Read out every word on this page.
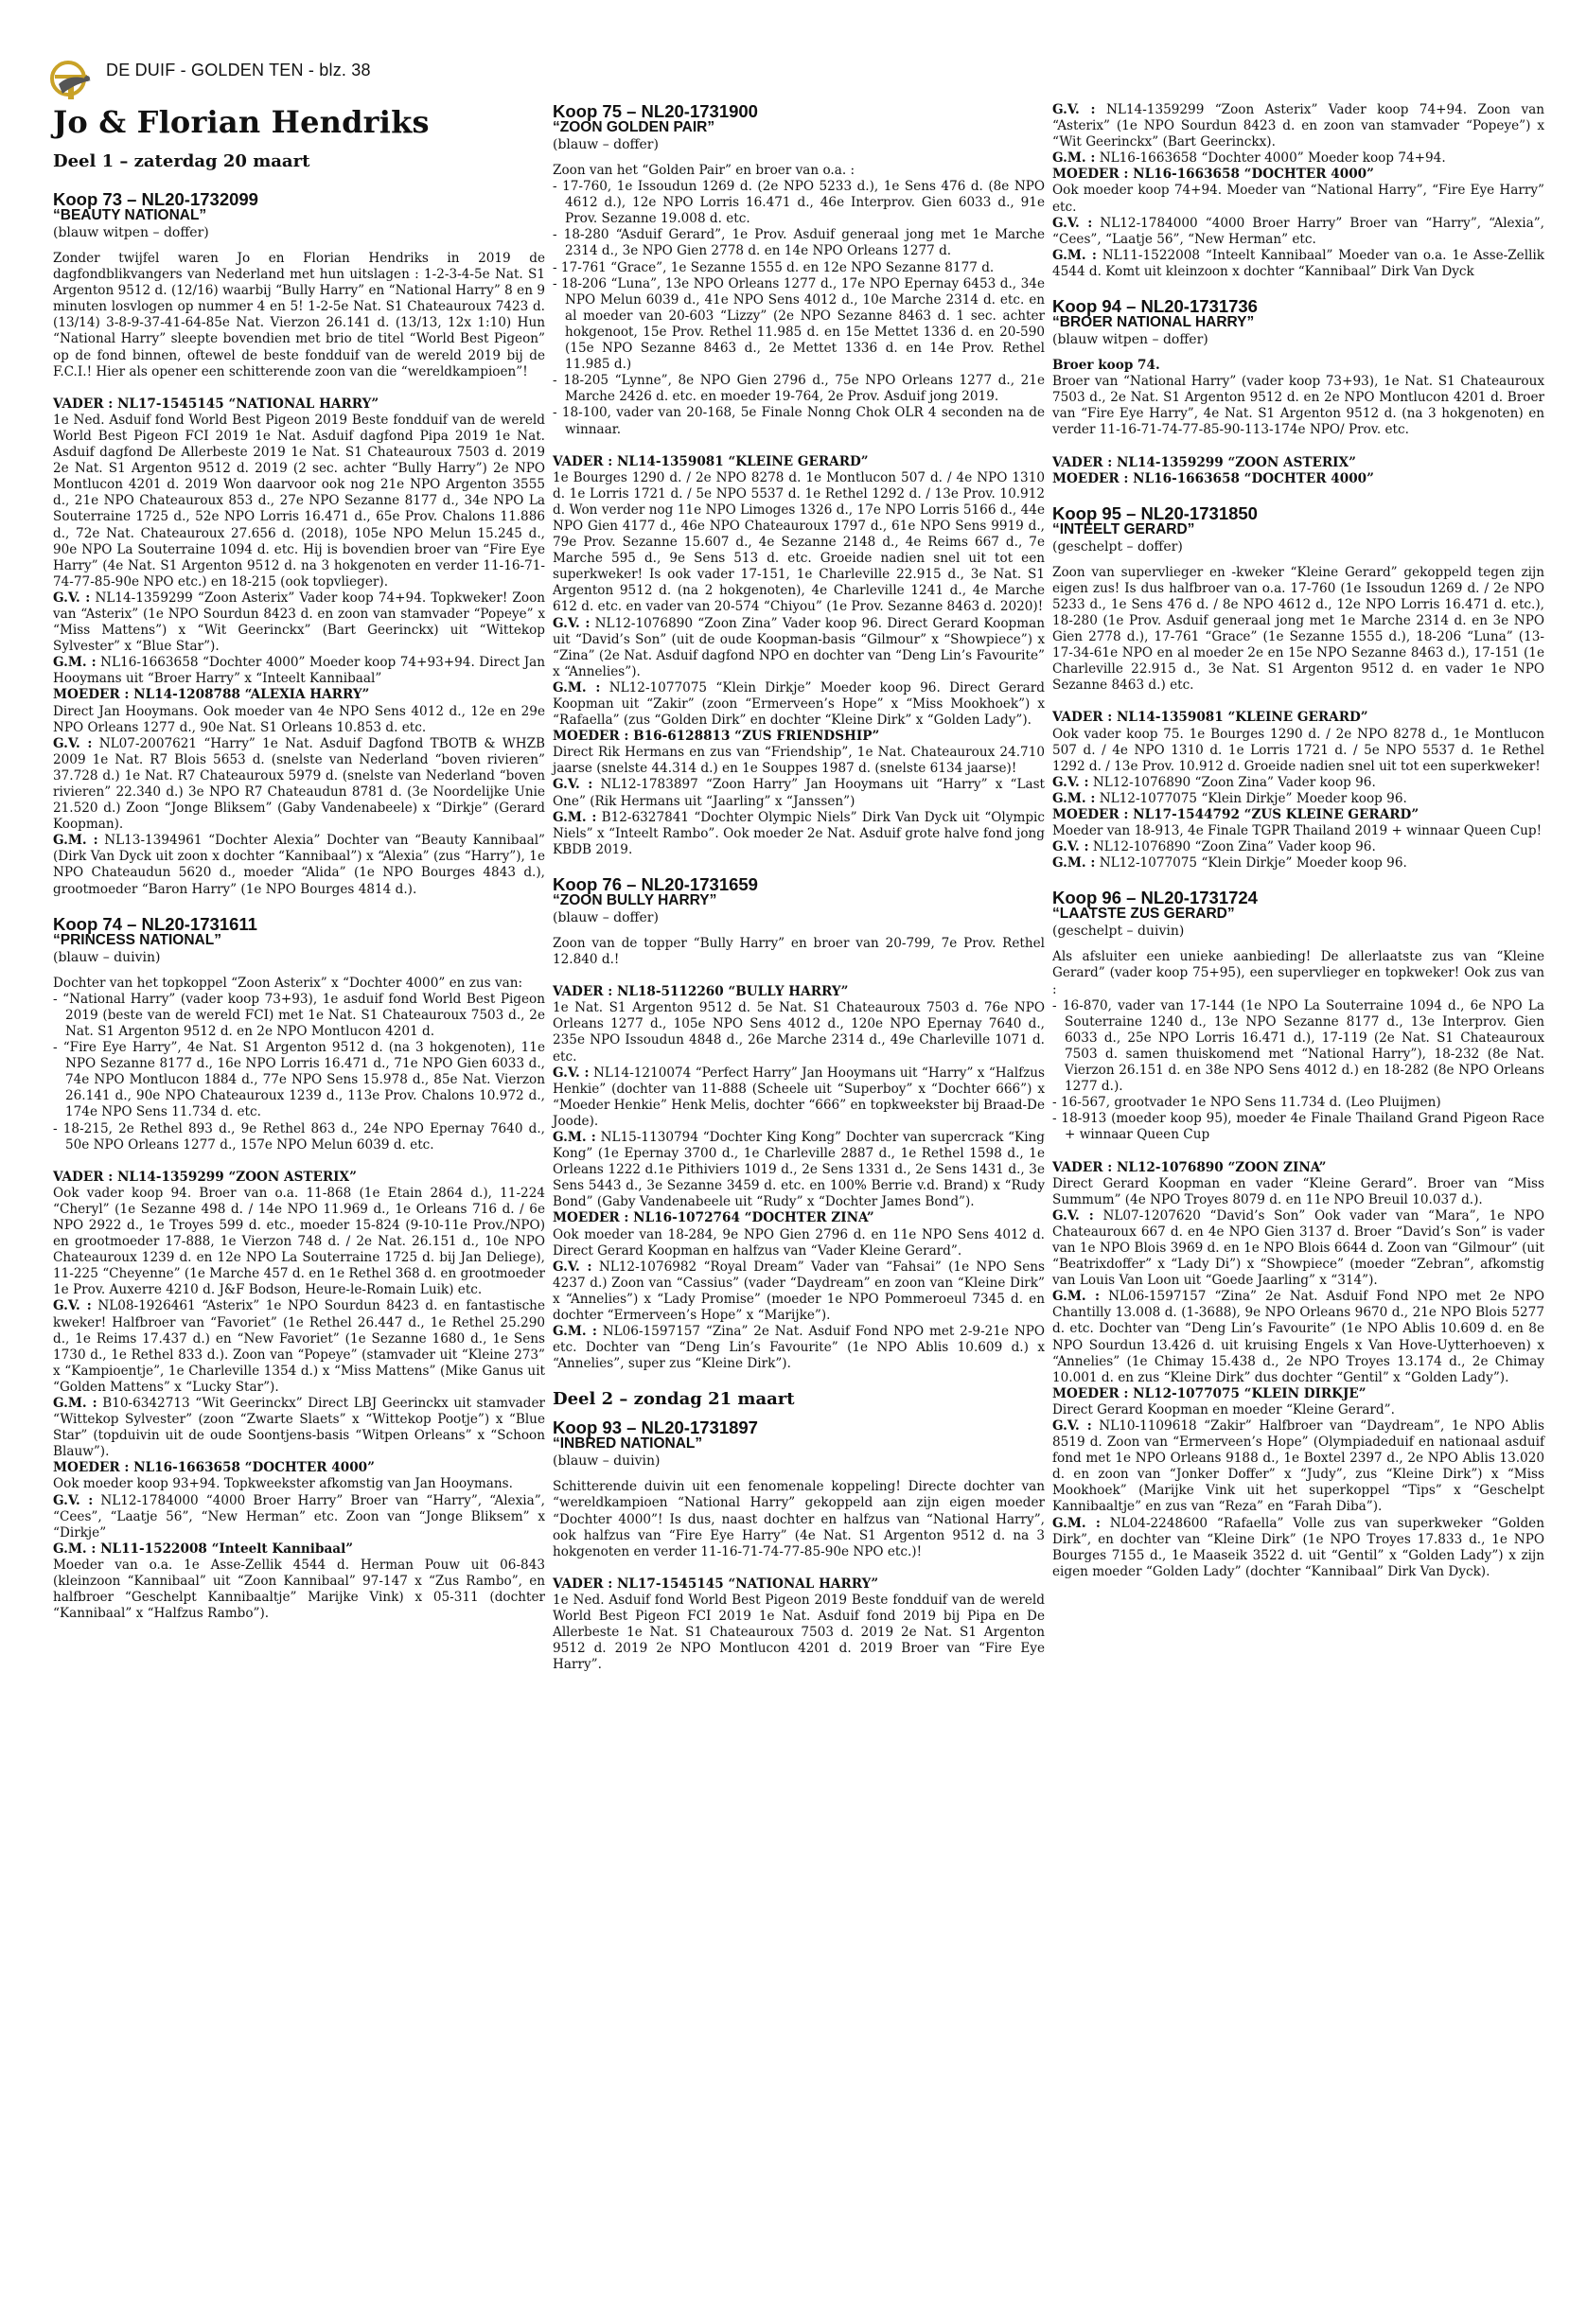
DE DUIF - GOLDEN TEN - blz. 38
Jo & Florian Hendriks
Deel 1 – zaterdag 20 maart
Koop 73 – NL20-1732099
“BEAUTY NATIONAL”
(blauw witpen – doffer)

Zonder twijfel waren Jo en Florian Hendriks in 2019 de dagfondblikvangers van Nederland met hun uitslagen : 1-2-3-4-5e Nat. S1 Argenton 9512 d. (12/16) waarbij “Bully Harry” en “National Harry” 8 en 9 minuten losvlogen op nummer 4 en 5! 1-2-5e Nat. S1 Chateauroux 7423 d. (13/14) 3-8-9-37-41-64-85e Nat. Vierzon 26.141 d. (13/13, 12x 1:10) Hun “National Harry” sleepte bovendien met brio de titel “World Best Pigeon” op de fond binnen, oftewel de beste fondduif van de wereld 2019 bij de F.C.I.! Hier als opener een schitterende zoon van die “wereldkampioen”!

VADER : NL17-1545145 “NATIONAL HARRY”

1e Ned. Asduif fond World Best Pigeon 2019 Beste fondduif van de wereld World Best Pigeon FCI 2019 1e Nat. Asduif dagfond Pipa 2019 1e Nat. Asduif dagfond De Allerbeste 2019 1e Nat. S1 Chateauroux 7503 d. 2019 2e Nat. S1 Argenton 9512 d. 2019 (2 sec. achter “Bully Harry”) 2e NPO Montlucon 4201 d. 2019 Won daarvoor ook nog 21e NPO Argenton 3555 d., 21e NPO Chateauroux 853 d., 27e NPO Sezanne 8177 d., 34e NPO La Souterraine 1725 d., 52e NPO Lorris 16.471 d., 65e Prov. Chalons 11.886 d., 72e Nat. Chateauroux 27.656 d. (2018), 105e NPO Melun 15.245 d., 90e NPO La Souterraine 1094 d. etc. Hij is bovendien broer van “Fire Eye Harry” (4e Nat. S1 Argenton 9512 d. na 3 hokgenoten en verder 11-16-71-74-77-85-90e NPO etc.) en 18-215 (ook topvlieger).

G.V. : NL14-1359299 “Zoon Asterix” Vader koop 74+94. Topkweker! Zoon van “Asterix” (1e NPO Sourdun 8423 d. en zoon van stamvader “Popeye” x “Miss Mattens”) x “Wit Geerinckx” (Bart Geerinckx) uit “Wittekop Sylvester” x “Blue Star”).

G.M. : NL16-1663658 “Dochter 4000” Moeder koop 74+93+94. Direct Jan Hooymans uit “Broer Harry” x “Inteelt Kannibaal”

MOEDER : NL14-1208788 “ALEXIA HARRY”

Direct Jan Hooymans. Ook moeder van 4e NPO Sens 4012 d., 12e en 29e NPO Orleans 1277 d., 90e Nat. S1 Orleans 10.853 d. etc.

G.V. : NL07-2007621 “Harry” 1e Nat. Asduif Dagfond TBOTB & WHZB 2009 1e Nat. R7 Blois 5653 d. (snelste van Nederland “boven rivieren” 37.728 d.) 1e Nat. R7 Chateauroux 5979 d. (snelste van Nederland “boven rivieren” 22.340 d.) 3e NPO R7 Chateaudun 8781 d. (3e Noordelijke Unie 21.520 d.) Zoon “Jonge Bliksem” (Gaby Vandenabeele) x “Dirkje” (Gerard Koopman).

G.M. : NL13-1394961 “Dochter Alexia” Dochter van “Beauty Kannibaal” (Dirk Van Dyck uit zoon x dochter “Kannibaal”) x “Alexia” (zus “Harry”), 1e NPO Chateaudun 5620 d., moeder “Alida” (1e NPO Bourges 4843 d.), grootmoeder “Baron Harry” (1e NPO Bourges 4814 d.).

Koop 74 – NL20-1731611
“PRINCESS NATIONAL”
(blauw – duivin)

Dochter van het topkoppel “Zoon Asterix” x “Dochter 4000” en zus van:

- “National Harry” (vader koop 73+93), 1e asduif fond World Best Pigeon 2019 (beste van de wereld FCI) met 1e Nat. S1 Chateauroux 7503 d., 2e Nat. S1 Argenton 9512 d. en 2e NPO Montlucon 4201 d.
- “Fire Eye Harry”, 4e Nat. S1 Argenton 9512 d. (na 3 hokgenoten), 11e NPO Sezanne 8177 d., 16e NPO Lorris 16.471 d., 71e NPO Gien 6033 d., 74e NPO Montlucon 1884 d., 77e NPO Sens 15.978 d., 85e Nat. Vierzon 26.141 d., 90e NPO Chateauroux 1239 d., 113e Prov. Chalons 10.972 d., 174e NPO Sens 11.734 d. etc.
- 18-215, 2e Rethel 893 d., 9e Rethel 863 d., 24e NPO Epernay 7640 d., 50e NPO Orleans 1277 d., 157e NPO Melun 6039 d. etc.

VADER : NL14-1359299 “ZOON ASTERIX”

Ook vader koop 94. Broer van o.a. 11-868 (1e Etain 2864 d.), 11-224 “Cheryl” (1e Sezanne 498 d. / 14e NPO 11.969 d., 1e Orleans 716 d. / 6e NPO 2922 d., 1e Troyes 599 d. etc., moeder 15-824 (9-10-11e Prov./NPO) en grootmoeder 17-888, 1e Vierzon 748 d. / 2e Nat. 26.151 d., 10e NPO Chateauroux 1239 d. en 12e NPO La Souterraine 1725 d. bij Jan Deliege), 11-225 “Cheyenne” (1e Marche 457 d. en 1e Rethel 368 d. en grootmoeder 1e Prov. Auxerre 4210 d. J&F Bodson, Heure-le-Romain Luik) etc.

G.V. : NL08-1926461 “Asterix” 1e NPO Sourdun 8423 d. en fantastische kweker! Halfbroer van “Favoriet” (1e Rethel 26.447 d., 1e Rethel 25.290 d., 1e Reims 17.437 d.) en “New Favoriet” (1e Sezanne 1680 d., 1e Sens 1730 d., 1e Rethel 833 d.). Zoon van “Popeye” (stamvader uit “Kleine 273” x “Kampioentje”, 1e Charleville 1354 d.) x “Miss Mattens” (Mike Ganus uit “Golden Mattens” x “Lucky Star”).

G.M. : B10-6342713 “Wit Geerinckx” Direct LBJ Geerinckx uit stamvader “Wittekop Sylvester” (zoon “Zwarte Slaets” x “Wittekop Pootje”) x “Blue Star” (topduivin uit de oude Soontjens-basis “Witpen Orleans” x “Schoon Blauw”).

MOEDER : NL16-1663658 “DOCHTER 4000”

Ook moeder koop 93+94. Topkweekster afkomstig van Jan Hooymans.

G.V. : NL12-1784000 “4000 Broer Harry” Broer van “Harry”, “Alexia”, “Cees”, “Laatje 56”, “New Herman” etc. Zoon van “Jonge Bliksem” x “Dirkje”

G.M. : NL11-1522008 “Inteelt Kannibaal”

Moeder van o.a. 1e Asse-Zellik 4544 d. Herman Pouw uit 06-843 (kleinzoon “Kannibaal” uit “Zoon Kannibaal” 97-147 x “Zus Rambo”, en halfbroer “Geschelpt Kannibaaltje” Marijke Vink) x 05-311 (dochter “Kannibaal” x “Halfzus Rambo”).

Koop 75 – NL20-1731900
“ZOON GOLDEN PAIR”
(blauw – doffer)

Zoon van het “Golden Pair” en broer van o.a. :

- 17-760, 1e Issoudun 1269 d. (2e NPO 5233 d.), 1e Sens 476 d. (8e NPO 4612 d.), 12e NPO Lorris 16.471 d., 46e Interprov. Gien 6033 d., 91e Prov. Sezanne 19.008 d. etc.
- 18-280 “Asduif Gerard”, 1e Prov. Asduif generaal jong met 1e Marche 2314 d., 3e NPO Gien 2778 d. en 14e NPO Orleans 1277 d.
- 17-761 “Grace”, 1e Sezanne 1555 d. en 12e NPO Sezanne 8177 d.
- 18-206 “Luna”, 13e NPO Orleans 1277 d., 17e NPO Epernay 6453 d., 34e NPO Melun 6039 d., 41e NPO Sens 4012 d., 10e Marche 2314 d. etc. en al moeder van 20-603 “Lizzy” (2e NPO Sezanne 8463 d. 1 sec. achter hokgenoot, 15e Prov. Rethel 11.985 d. en 15e Mettet 1336 d. en 20-590 (15e NPO Sezanne 8463 d., 2e Mettet 1336 d. en 14e Prov. Rethel 11.985 d.)
- 18-205 “Lynne”, 8e NPO Gien 2796 d., 75e NPO Orleans 1277 d., 21e Marche 2426 d. etc. en moeder 19-764, 2e Prov. Asduif jong 2019.
- 18-100, vader van 20-168, 5e Finale Nonng Chok OLR 4 seconden na de winnaar.

VADER : NL14-1359081 “KLEINE GERARD”

1e Bourges 1290 d. / 2e NPO 8278 d. 1e Montlucon 507 d. / 4e NPO 1310 d. 1e Lorris 1721 d. / 5e NPO 5537 d. 1e Rethel 1292 d. / 13e Prov. 10.912 d. Won verder nog 11e NPO Limoges 1326 d., 17e NPO Lorris 5166 d., 44e NPO Gien 4177 d., 46e NPO Chateauroux 1797 d., 61e NPO Sens 9919 d., 79e Prov. Sezanne 15.607 d., 4e Sezanne 2148 d., 4e Reims 667 d., 7e Marche 595 d., 9e Sens 513 d. etc. Groeide nadien snel uit tot een superkweker! Is ook vader 17-151, 1e Charleville 22.915 d., 3e Nat. S1 Argenton 9512 d. (na 2 hokgenoten), 4e Charleville 1241 d., 4e Marche 612 d. etc. en vader van 20-574 “Chiyou” (1e Prov. Sezanne 8463 d. 2020)!

G.V. : NL12-1076890 “Zoon Zina” Vader koop 96. Direct Gerard Koopman uit “David’s Son” (uit de oude Koopman-basis “Gilmour” x “Showpiece”) x “Zina” (2e Nat. Asduif dagfond NPO en dochter van “Deng Lin’s Favourite” x “Annelies”).

G.M. : NL12-1077075 “Klein Dirkje” Moeder koop 96. Direct Gerard Koopman uit “Zakir” (zoon “Ermerveen’s Hope” x “Miss Mookhoek”) x “Rafaella” (zus “Golden Dirk” en dochter “Kleine Dirk” x “Golden Lady”).

MOEDER : B16-6128813 “ZUS FRIENDSHIP”

Direct Rik Hermans en zus van “Friendship”, 1e Nat. Chateauroux 24.710 jaarse (snelste 44.314 d.) en 1e Souppes 1987 d. (snelste 6134 jaarse)!

G.V. : NL12-1783897 “Zoon Harry” Jan Hooymans uit “Harry” x “Last One” (Rik Hermans uit “Jaarling” x “Janssen”)

G.M. : B12-6327841 “Dochter Olympic Niels” Dirk Van Dyck uit “Olympic Niels” x “Inteelt Rambo”. Ook moeder 2e Nat. Asduif grote halve fond jong KBDB 2019.

Koop 76 – NL20-1731659
“ZOON BULLY HARRY”
(blauw – doffer)

Zoon van de topper “Bully Harry” en broer van 20-799, 7e Prov. Rethel 12.840 d.!

VADER : NL18-5112260 “BULLY HARRY”

1e Nat. S1 Argenton 9512 d. 5e Nat. S1 Chateauroux 7503 d. 76e NPO Orleans 1277 d., 105e NPO Sens 4012 d., 120e NPO Epernay 7640 d., 235e NPO Issoudun 4848 d., 26e Marche 2314 d., 49e Charleville 1071 d. etc.

G.V. : NL14-1210074 “Perfect Harry” Jan Hooymans uit “Harry” x “Halfzus Henkie” (dochter van 11-888 (Scheele uit “Superboy” x “Dochter 666”) x “Moeder Henkie” Henk Melis, dochter “666” en topkweekster bij Braad-De Joode).

G.M. : NL15-1130794 “Dochter King Kong” Dochter van supercrack “King Kong” (1e Epernay 3700 d., 1e Charleville 2887 d., 1e Rethel 1598 d., 1e Orleans 1222 d.1e Pithiviers 1019 d., 2e Sens 1331 d., 2e Sens 1431 d., 3e Sens 5443 d., 3e Sezanne 3459 d. etc. en 100% Berrie v.d. Brand) x “Rudy Bond” (Gaby Vandenabeele uit “Rudy” x “Dochter James Bond”).

MOEDER : NL16-1072764 “DOCHTER ZINA”

Ook moeder van 18-284, 9e NPO Gien 2796 d. en 11e NPO Sens 4012 d. Direct Gerard Koopman en halfzus van “Vader Kleine Gerard”.

G.V. : NL12-1076982 “Royal Dream” Vader van “Fahsai” (1e NPO Sens 4237 d.) Zoon van “Cassius” (vader “Daydream” en zoon van “Kleine Dirk” x “Annelies”) x “Lady Promise” (moeder 1e NPO Pommeroeul 7345 d. en dochter “Ermerveen’s Hope” x “Marijke”).

G.M. : NL06-1597157 “Zina” 2e Nat. Asduif Fond NPO met 2-9-21e NPO etc. Dochter van “Deng Lin’s Favourite” (1e NPO Ablis 10.609 d.) x “Annelies”, super zus “Kleine Dirk”).

Deel 2 – zondag 21 maart
Koop 93 – NL20-1731897
“INBRED NATIONAL”
(blauw – duivin)

Schitterende duivin uit een fenomenale koppeling! Directe dochter van “wereldkampioen “National Harry” gekoppeld aan zijn eigen moeder “Dochter 4000”! Is dus, naast dochter en halfzus van “National Harry”, ook halfzus van “Fire Eye Harry” (4e Nat. S1 Argenton 9512 d. na 3 hokgenoten en verder 11-16-71-74-77-85-90e NPO etc.)!

VADER : NL17-1545145 “NATIONAL HARRY”

1e Ned. Asduif fond World Best Pigeon 2019 Beste fondduif van de wereld World Best Pigeon FCI 2019 1e Nat. Asduif fond 2019 bij Pipa en De Allerbeste 1e Nat. S1 Chateauroux 7503 d. 2019 2e Nat. S1 Argenton 9512 d. 2019 2e NPO Montlucon 4201 d. 2019 Broer van “Fire Eye Harry”.

G.V. : NL14-1359299 “Zoon Asterix” Vader koop 74+94. Zoon van “Asterix” (1e NPO Sourdun 8423 d. en zoon van stamvader “Popeye”) x “Wit Geerinckx” (Bart Geerinckx).

G.M. : NL16-1663658 “Dochter 4000” Moeder koop 74+94.

MOEDER : NL16-1663658 “DOCHTER 4000”

Ook moeder koop 74+94. Moeder van “National Harry”, “Fire Eye Harry” etc.

G.V. : NL12-1784000 “4000 Broer Harry” Broer van “Harry”, “Alexia”, “Cees”, “Laatje 56”, “New Herman” etc.

G.M. : NL11-1522008 “Inteelt Kannibaal” Moeder van o.a. 1e Asse-Zellik 4544 d. Komt uit kleinzoon x dochter “Kannibaal” Dirk Van Dyck

Koop 94 – NL20-1731736
“BROER NATIONAL HARRY”
(blauw witpen – doffer)

Broer koop 74.

Broer van “National Harry” (vader koop 73+93), 1e Nat. S1 Chateauroux 7503 d., 2e Nat. S1 Argenton 9512 d. en 2e NPO Montlucon 4201 d. Broer van “Fire Eye Harry”, 4e Nat. S1 Argenton 9512 d. (na 3 hokgenoten) en verder 11-16-71-74-77-85-90-113-174e NPO/ Prov. etc.

VADER : NL14-1359299 “ZOON ASTERIX”

MOEDER : NL16-1663658 “DOCHTER 4000”

Koop 95 – NL20-1731850
“INTEELT GERARD”
(geschelpt – doffer)

Zoon van supervlieger en -kweker “Kleine Gerard” gekoppeld tegen zijn eigen zus! Is dus halfbroer van o.a. 17-760 (1e Issoudun 1269 d. / 2e NPO 5233 d., 1e Sens 476 d. / 8e NPO 4612 d., 12e NPO Lorris 16.471 d. etc.), 18-280 (1e Prov. Asduif generaal jong met 1e Marche 2314 d. en 3e NPO Gien 2778 d.), 17-761 “Grace” (1e Sezanne 1555 d.), 18-206 “Luna” (13-17-34-61e NPO en al moeder 2e en 15e NPO Sezanne 8463 d.), 17-151 (1e Charleville 22.915 d., 3e Nat. S1 Argenton 9512 d. en vader 1e NPO Sezanne 8463 d.) etc.

VADER : NL14-1359081 “KLEINE GERARD”

Ook vader koop 75. 1e Bourges 1290 d. / 2e NPO 8278 d., 1e Montlucon 507 d. / 4e NPO 1310 d. 1e Lorris 1721 d. / 5e NPO 5537 d. 1e Rethel 1292 d. / 13e Prov. 10.912 d. Groeide nadien snel uit tot een superkweker!

G.V. : NL12-1076890 “Zoon Zina” Vader koop 96.

G.M. : NL12-1077075 “Klein Dirkje” Moeder koop 96.

MOEDER : NL17-1544792 “ZUS KLEINE GERARD”

Moeder van 18-913, 4e Finale TGPR Thailand 2019 + winnaar Queen Cup!

G.V. : NL12-1076890 “Zoon Zina” Vader koop 96.

G.M. : NL12-1077075 “Klein Dirkje” Moeder koop 96.

Koop 96 – NL20-1731724
“LAATSTE ZUS GERARD”
(geschelpt – duivin)

Als afsluiter een unieke aanbieding! De allerlaatste zus van “Kleine Gerard” (vader koop 75+95), een supervlieger en topkweker! Ook zus van :

- 16-870, vader van 17-144 (1e NPO La Souterraine 1094 d., 6e NPO La Souterraine 1240 d., 13e NPO Sezanne 8177 d., 13e Interprov. Gien 6033 d., 25e NPO Lorris 16.471 d.), 17-119 (2e Nat. S1 Chateauroux 7503 d. samen thuiskomend met “National Harry”), 18-232 (8e Nat. Vierzon 26.151 d. en 38e NPO Sens 4012 d.) en 18-282 (8e NPO Orleans 1277 d.).
- 16-567, grootvader 1e NPO Sens 11.734 d. (Leo Pluijmen)
- 18-913 (moeder koop 95), moeder 4e Finale Thailand Grand Pigeon Race + winnaar Queen Cup

VADER : NL12-1076890 “ZOON ZINA”

Direct Gerard Koopman en vader “Kleine Gerard”. Broer van “Miss Summum” (4e NPO Troyes 8079 d. en 11e NPO Breuil 10.037 d.).

G.V. : NL07-1207620 “David’s Son” Ook vader van “Mara”, 1e NPO Chateauroux 667 d. en 4e NPO Gien 3137 d. Broer “David’s Son” is vader van 1e NPO Blois 3969 d. en 1e NPO Blois 6644 d. Zoon van “Gilmour” (uit “Beatrixdoffer” x “Lady Di”) x “Showpiece” (moeder “Zebran”, afkomstig van Louis Van Loon uit “Goede Jaarling” x “314”).

G.M. : NL06-1597157 “Zina” 2e Nat. Asduif Fond NPO met 2e NPO Chantilly 13.008 d. (1-3688), 9e NPO Orleans 9670 d., 21e NPO Blois 5277 d. etc. Dochter van “Deng Lin’s Favourite” (1e NPO Ablis 10.609 d. en 8e NPO Sourdun 13.426 d. uit kruising Engels x Van Hove-Uytterhoeven) x “Annelies” (1e Chimay 15.438 d., 2e NPO Troyes 13.174 d., 2e Chimay 10.001 d. en zus “Kleine Dirk” dus dochter “Gentil” x “Golden Lady”).

MOEDER : NL12-1077075 “KLEIN DIRKJE”

Direct Gerard Koopman en moeder “Kleine Gerard”.

G.V. : NL10-1109618 “Zakir” Halfbroer van “Daydream”, 1e NPO Ablis 8519 d. Zoon van “Ermerveen’s Hope” (Olympiadeduif en nationaal asduif fond met 1e NPO Orleans 9188 d., 1e Boxtel 2397 d., 2e NPO Ablis 13.020 d. en zoon van “Jonker Doffer” x “Judy”, zus “Kleine Dirk”) x “Miss Mookhoek” (Marijke Vink uit het superkoppel “Tips” x “Geschelpt Kannibaaltje” en zus van “Reza” en “Farah Diba”).

G.M. : NL04-2248600 “Rafaella” Volle zus van superkweker “Golden Dirk”, en dochter van “Kleine Dirk” (1e NPO Troyes 17.833 d., 1e NPO Bourges 7155 d., 1e Maaseik 3522 d. uit “Gentil” x “Golden Lady”) x zijn eigen moeder “Golden Lady” (dochter “Kannibaal” Dirk Van Dyck).
